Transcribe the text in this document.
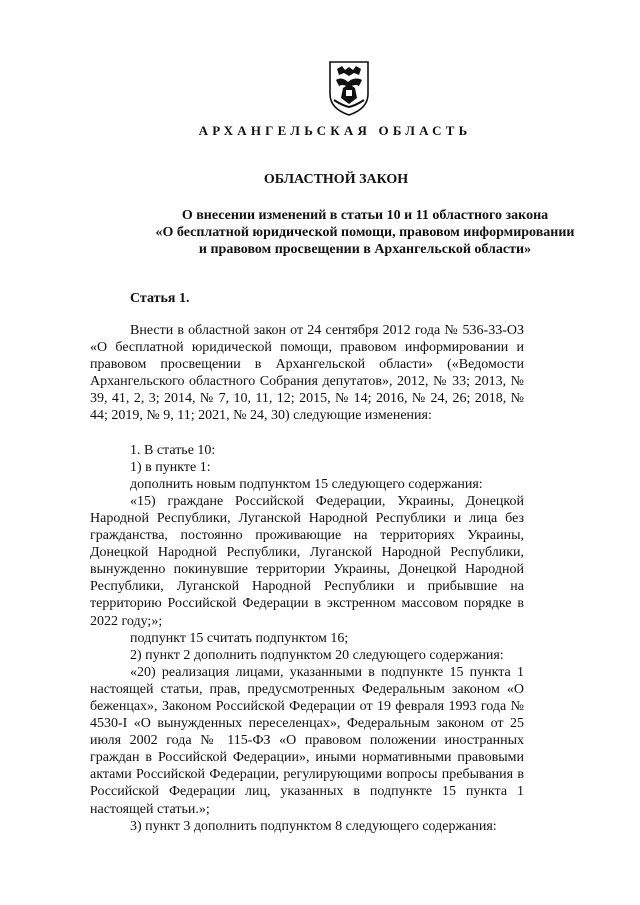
АРХАНГЕЛЬСКАЯ ОБЛАСТЬ
ОБЛАСТНОЙ ЗАКОН
О внесении изменений в статьи 10 и 11 областного закона
«О бесплатной юридической помощи, правовом информировании
и правовом просвещении в Архангельской области»
Статья 1.

Внести в областной закон от 24 сентября 2012 года № 536-33-ОЗ «О бесплатной юридической помощи, правовом информировании и правовом просвещении в Архангельской области» («Ведомости Архангельского областного Собрания депутатов», 2012, № 33; 2013, № 39, 41, 2, 3; 2014, № 7, 10, 11, 12; 2015, № 14; 2016, № 24, 26; 2018, № 44; 2019, № 9, 11; 2021, № 24, 30) следующие изменения:

1. В статье 10:

1) в пункте 1:

дополнить новым подпунктом 15 следующего содержания:

«15) граждане Российской Федерации, Украины, Донецкой Народной Республики, Луганской Народной Республики и лица без гражданства, постоянно проживающие на территориях Украины, Донецкой Народной Республики, Луганской Народной Республики, вынужденно покинувшие территории Украины, Донецкой Народной Республики, Луганской Народной Республики и прибывшие на территорию Российской Федерации в экстренном массовом порядке в 2022 году;»;

подпункт 15 считать подпунктом 16;

2) пункт 2 дополнить подпунктом 20 следующего содержания:

«20) реализация лицами, указанными в подпункте 15 пункта 1 настоящей статьи, прав, предусмотренных Федеральным законом «О беженцах», Законом Российской Федерации от 19 февраля 1993 года № 4530-I «О вынужденных переселенцах», Федеральным законом от 25 июля 2002 года № 115-ФЗ «О правовом положении иностранных граждан в Российской Федерации», иными нормативными правовыми актами Российской Федерации, регулирующими вопросы пребывания в Российской Федерации лиц, указанных в подпункте 15 пункта 1 настоящей статьи.»;

3) пункт 3 дополнить подпунктом 8 следующего содержания:
